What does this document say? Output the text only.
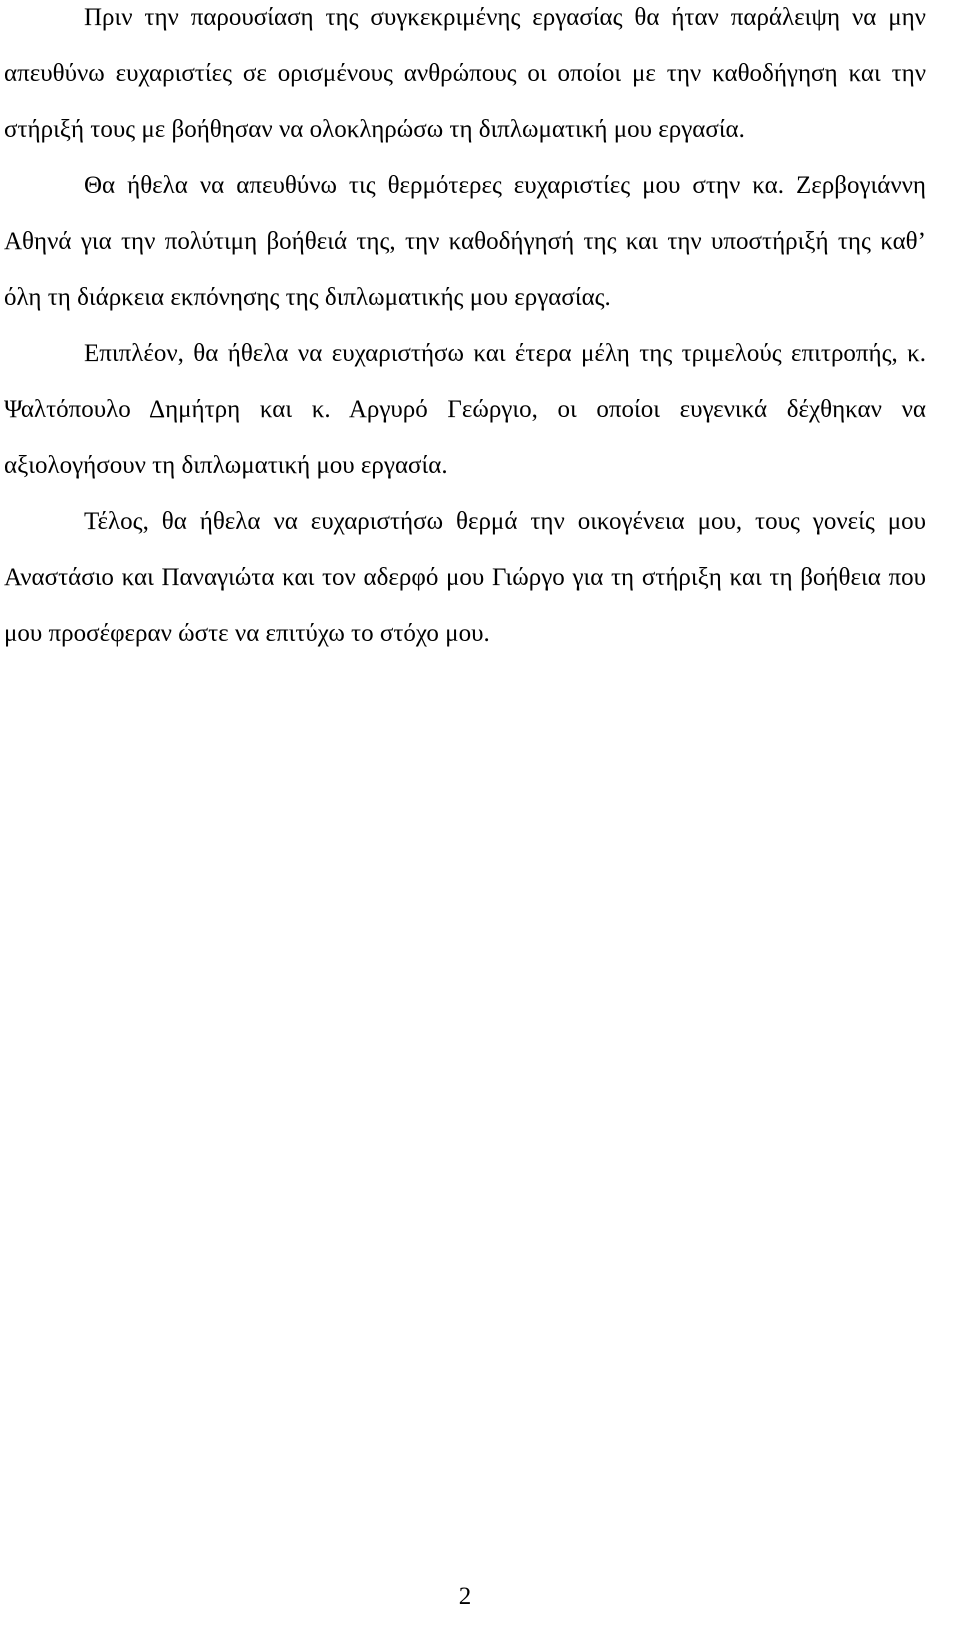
Πριν την παρουσίαση της συγκεκριμένης εργασίας θα ήταν παράλειψη να μην απευθύνω ευχαριστίες σε ορισμένους ανθρώπους οι οποίοι με την καθοδήγηση και την στήριξή τους με βοήθησαν να ολοκληρώσω τη διπλωματική μου εργασία.

Θα ήθελα να απευθύνω τις θερμότερες ευχαριστίες μου στην κα. Ζερβογιάννη Αθηνά για την πολύτιμη βοήθειά της, την καθοδήγησή της και την υποστήριξή της καθ’ όλη τη διάρκεια εκπόνησης της διπλωματικής μου εργασίας.

Επιπλέον, θα ήθελα να ευχαριστήσω και έτερα μέλη της τριμελούς επιτροπής, κ. Ψαλτόπουλο Δημήτρη και κ. Αργυρό Γεώργιο, οι οποίοι ευγενικά δέχθηκαν να αξιολογήσουν τη διπλωματική μου εργασία.

Τέλος, θα ήθελα να ευχαριστήσω θερμά την οικογένεια μου, τους γονείς μου Αναστάσιο και Παναγιώτα και τον αδερφό μου Γιώργο για τη στήριξη και τη βοήθεια που μου προσέφεραν ώστε να επιτύχω το στόχο μου.

2
